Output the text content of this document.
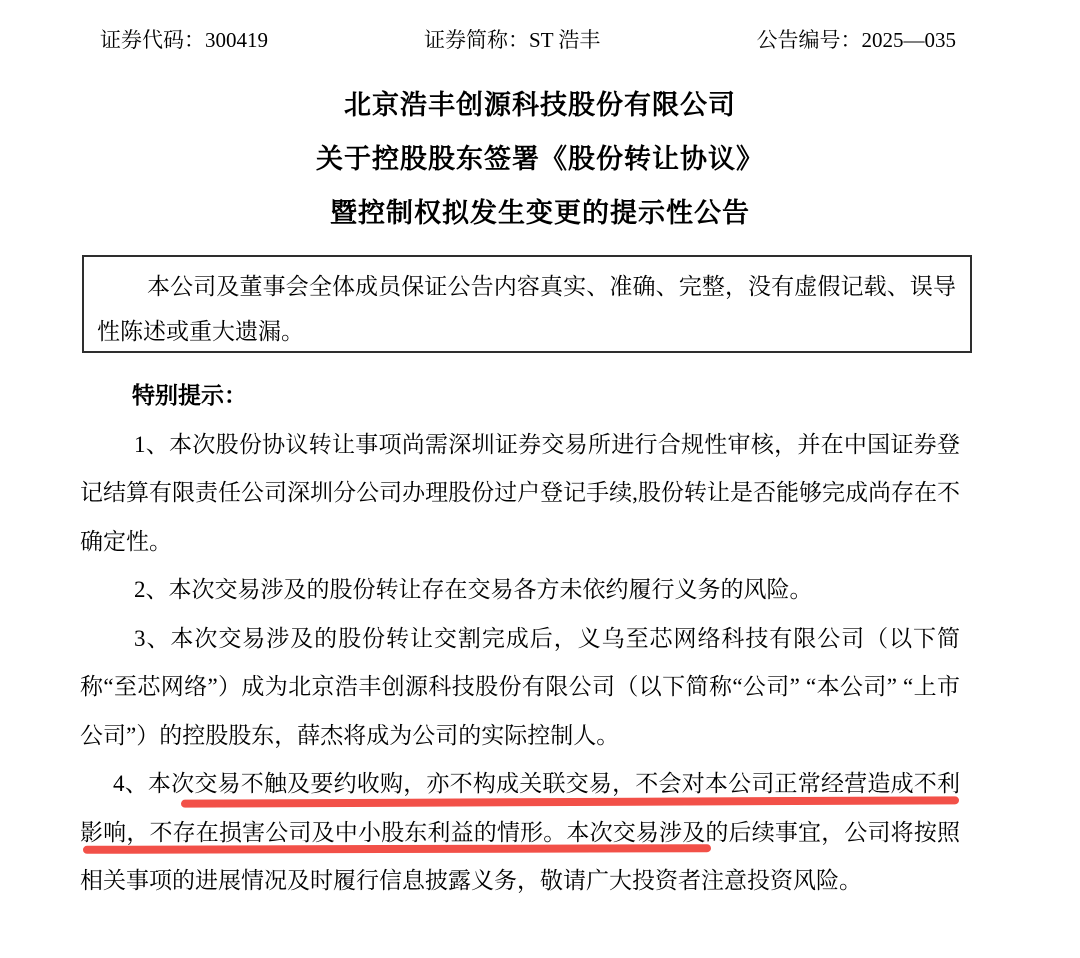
证券代码：300419	证券简称：ST 浩丰	公告编号：2025—035
北京浩丰创源科技股份有限公司
关于控股股东签署《股份转让协议》
暨控制权拟发生变更的提示性公告

本公司及董事会全体成员保证公告内容真实、准确、完整，没有虚假记载、误导性陈述或重大遗漏。

特别提示：

1、本次股份协议转让事项尚需深圳证券交易所进行合规性审核，并在中国证券登记结算有限责任公司深圳分公司办理股份过户登记手续,股份转让是否能够完成尚存在不确定性。

2、本次交易涉及的股份转让存在交易各方未依约履行义务的风险。

3、本次交易涉及的股份转让交割完成后，义乌至芯网络科技有限公司（以下简称“至芯网络”）成为北京浩丰创源科技股份有限公司（以下简称“公司” “本公司” “上市公司”）的控股股东，薛杰将成为公司的实际控制人。

4、本次交易不触及要约收购，亦不构成关联交易，不会对本公司正常经营造成不利影响，不存在损害公司及中小股东利益的情形。本次交易涉及的后续事宜，公司将按照相关事项的进展情况及时履行信息披露义务，敬请广大投资者注意投资风险。
